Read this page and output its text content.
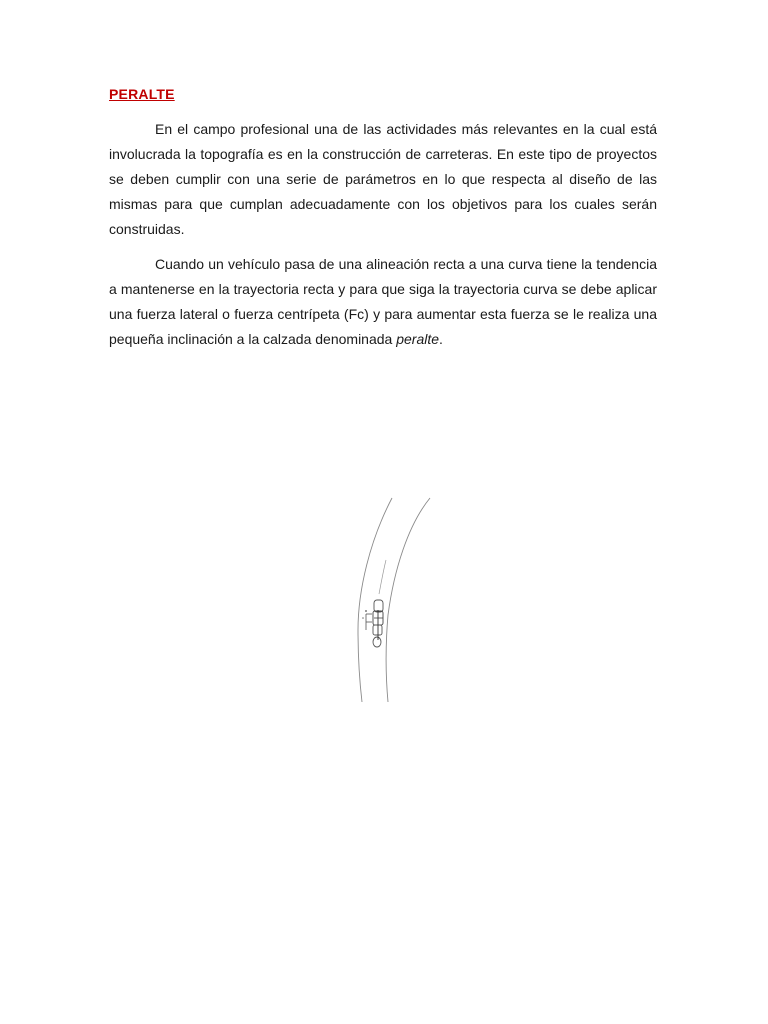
PERALTE

En el campo profesional una de las actividades más relevantes en la cual está involucrada la topografía es en la construcción de carreteras. En este tipo de proyectos se deben cumplir con una serie de parámetros en lo que respecta al diseño de las mismas para que cumplan adecuadamente con los objetivos para los cuales serán construidas.

Cuando un vehículo pasa de una alineación recta a una curva tiene la tendencia a mantenerse en la trayectoria recta y para que siga la trayectoria curva se debe aplicar una fuerza lateral o fuerza centrípeta (Fc) y para aumentar esta fuerza se le realiza una pequeña inclinación a la calzada denominada peralte.
